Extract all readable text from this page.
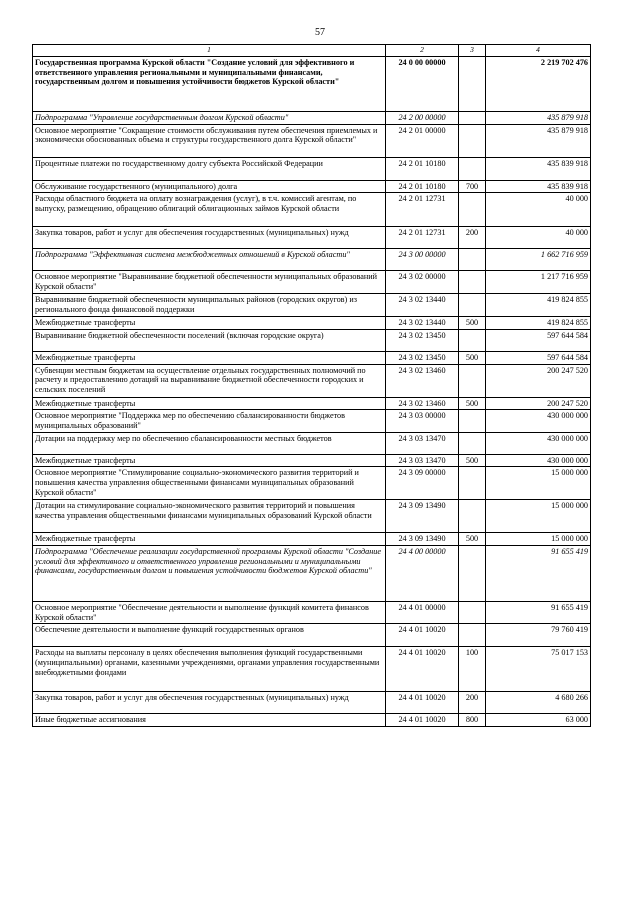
57
1	2	3	4
Государственная программа Курской области "Создание условий для эффективного и ответственного управления региональными и муниципальными финансами, государственным долгом и повышения устойчивости бюджетов Курской области"	24 0 00 00000		2 219 702 476
Подпрограмма "Управление государственным долгом Курской области"	24 2 00 00000		435 879 918
Основное мероприятие "Сокращение стоимости обслуживания путем обеспечения приемлемых и экономически обоснованных объема и структуры государственного долга Курской области"	24 2 01 00000		435 879 918
Процентные платежи по государственному долгу субъекта Российской Федерации	24 2 01 10180		435 839 918
Обслуживание государственного (муниципального) долга	24 2 01 10180	700	435 839 918
Расходы областного бюджета на оплату вознаграждения (услуг), в т.ч. комиссий агентам, по выпуску, размещению, обращению облигаций облигационных займов Курской области	24 2 01 12731		40 000
Закупка товаров, работ и услуг для обеспечения государственных (муниципальных) нужд	24 2 01 12731	200	40 000
Подпрограмма "Эффективная система межбюджетных отношений в Курской области"	24 3 00 00000		1 662 716 959
Основное мероприятие "Выравнивание бюджетной обеспеченности муниципальных образований Курской области"	24 3 02 00000		1 217 716 959
Выравнивание бюджетной обеспеченности муниципальных районов (городских округов) из регионального фонда финансовой поддержки	24 3 02 13440		419 824 855
Межбюджетные трансферты	24 3 02 13440	500	419 824 855
Выравнивание бюджетной обеспеченности поселений (включая городские округа)	24 3 02 13450		597 644 584
Межбюджетные трансферты	24 3 02 13450	500	597 644 584
Субвенции местным бюджетам на осуществление отдельных государственных полномочий по расчету и предоставлению дотаций на выравнивание бюджетной обеспеченности городских и сельских поселений	24 3 02 13460		200 247 520
Межбюджетные трансферты	24 3 02 13460	500	200 247 520
Основное мероприятие "Поддержка мер по обеспечению сбалансированности бюджетов муниципальных образований"	24 3 03 00000		430 000 000
Дотации на поддержку мер по обеспечению сбалансированности местных бюджетов	24 3 03 13470		430 000 000
Межбюджетные трансферты	24 3 03 13470	500	430 000 000
Основное мероприятие "Стимулирование социально-экономического развития территорий и повышения качества управления общественными финансами муниципальных образований Курской области"	24 3 09 00000		15 000 000
Дотации на стимулирование социально-экономического развития территорий и повышения качества управления общественными финансами муниципальных образований Курской области	24 3 09 13490		15 000 000
Межбюджетные трансферты	24 3 09 13490	500	15 000 000
Подпрограмма "Обеспечение реализации государственной программы Курской области "Создание условий для эффективного и ответственного управления региональными и муниципальными финансами, государственным долгом и повышения устойчивости бюджетов Курской области"	24 4 00 00000		91 655 419
Основное мероприятие "Обеспечение деятельности и выполнение функций комитета финансов Курской области"	24 4 01 00000		91 655 419
Обеспечение деятельности и выполнение функций государственных органов	24 4 01 10020		79 760 419
Расходы на выплаты персоналу в целях обеспечения выполнения функций государственными (муниципальными) органами, казенными учреждениями, органами управления государственными внебюджетными фондами	24 4 01 10020	100	75 017 153
Закупка товаров, работ и услуг для обеспечения государственных (муниципальных) нужд	24 4 01 10020	200	4 680 266
Иные бюджетные ассигнования	24 4 01 10020	800	63 000
